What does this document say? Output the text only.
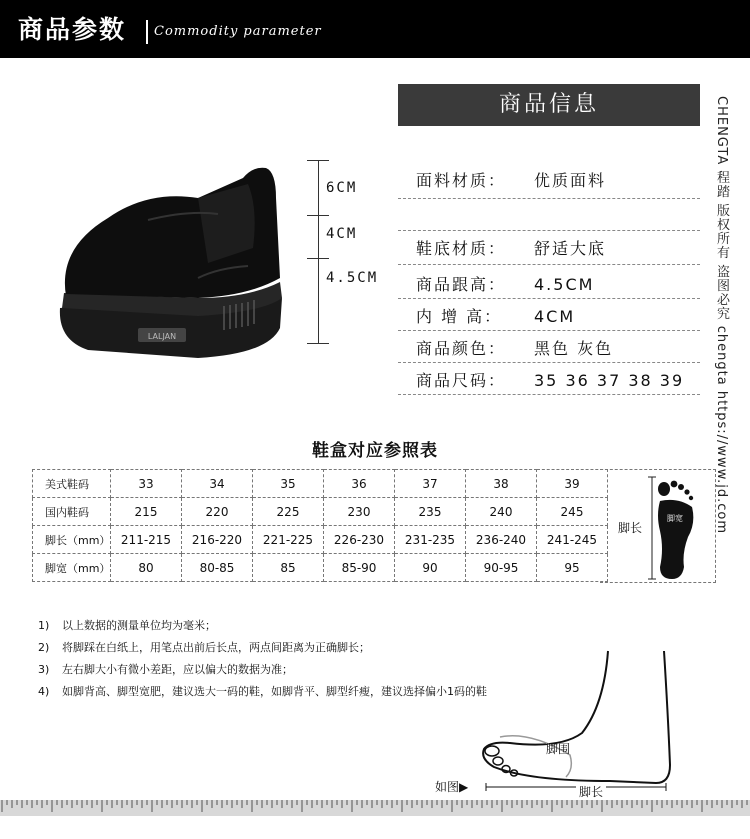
商品参数 Commodity parameter
LALJAN
6CM
4CM
4.5CM
商品信息
面料材质： 优质面料
鞋底材质： 舒适大底
商品跟高： 4.5CM
内 增 高： 4CM
商品颜色： 黑色 灰色
商品尺码： 35 36 37 38 39	CHENGTA 程踏 版权所有 盗图必究 chengta https://www.jd.com
鞋盒对应参照表
美式鞋码	33	34	35	36	37	38	39
国内鞋码	215	220	225	230	235	240	245
脚长（mm）	211-215	216-220	221-225	226-230	231-235	236-240	241-245
脚宽（mm）	80	80-85	85	85-90	90	90-95	95
脚长
脚宽
1) 以上数据的测量单位均为毫米；
2) 将脚踩在白纸上，用笔点出前后长点，两点间距离为正确脚长；
3) 左右脚大小有微小差距，应以偏大的数据为准；
4) 如脚背高、脚型宽肥，建议选大一码的鞋，如脚背平、脚型纤瘦，建议选择偏小1码的鞋
脚围
脚长
如图▶
